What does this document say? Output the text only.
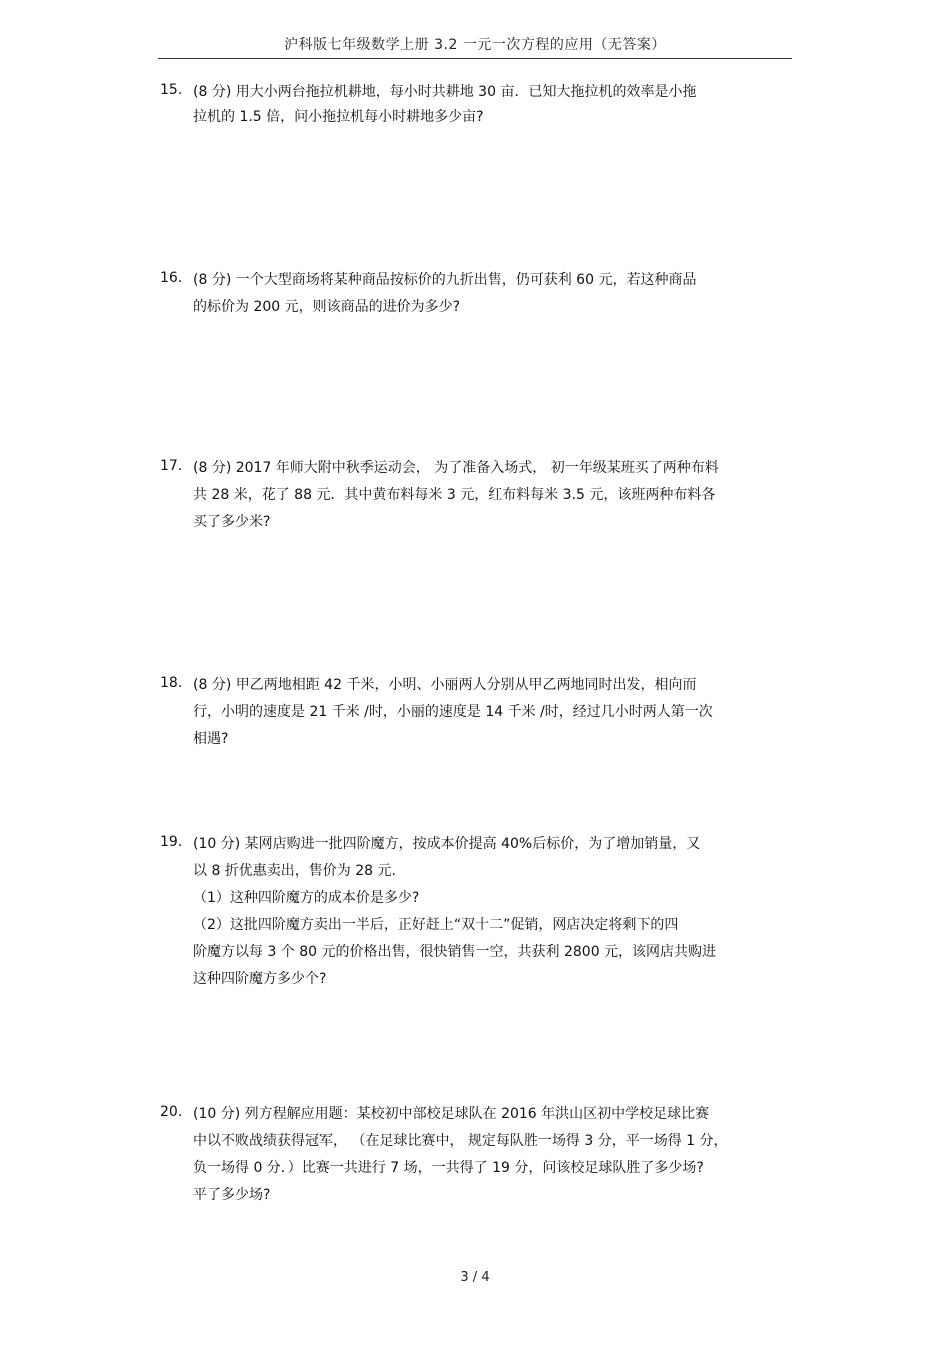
沪科版七年级数学上册 3.2 一元一次方程的应用（无答案）
15. (8 分) 用大小两台拖拉机耕地，每小时共耕地 30 亩．已知大拖拉机的效率是小拖
拉机的 1.5 倍，问小拖拉机每小时耕地多少亩?
16. (8 分) 一个大型商场将某种商品按标价的九折出售，仍可获利 60 元，若这种商品
的标价为 200 元，则该商品的进价为多少?
17. (8 分) 2017 年师大附中秋季运动会， 为了准备入场式， 初一年级某班买了两种布料
共 28 米，花了 88 元．其中黄布料每米 3 元，红布料每米 3.5 元，该班两种布料各
买了多少米?
18. (8 分) 甲乙两地相距 42 千米，小明、小丽两人分别从甲乙两地同时出发，相向而
行，小明的速度是 21 千米 /时，小丽的速度是 14 千米 /时，经过几小时两人第一次
相遇?
19. (10 分) 某网店购进一批四阶魔方，按成本价提高 40%后标价，为了增加销量，又
以 8 折优惠卖出，售价为 28 元.
（1）这种四阶魔方的成本价是多少?
（2）这批四阶魔方卖出一半后，正好赶上“双十二”促销，网店决定将剩下的四
阶魔方以每 3 个 80 元的价格出售，很快销售一空，共获利 2800 元，该网店共购进
这种四阶魔方多少个?
20. (10 分) 列方程解应用题：某校初中部校足球队在 2016 年洪山区初中学校足球比赛
中以不败战绩获得冠军， （在足球比赛中， 规定每队胜一场得 3 分，平一场得 1 分，
负一场得 0 分．）比赛一共进行 7 场，一共得了 19 分，问该校足球队胜了多少场?
平了多少场?
3 / 4
